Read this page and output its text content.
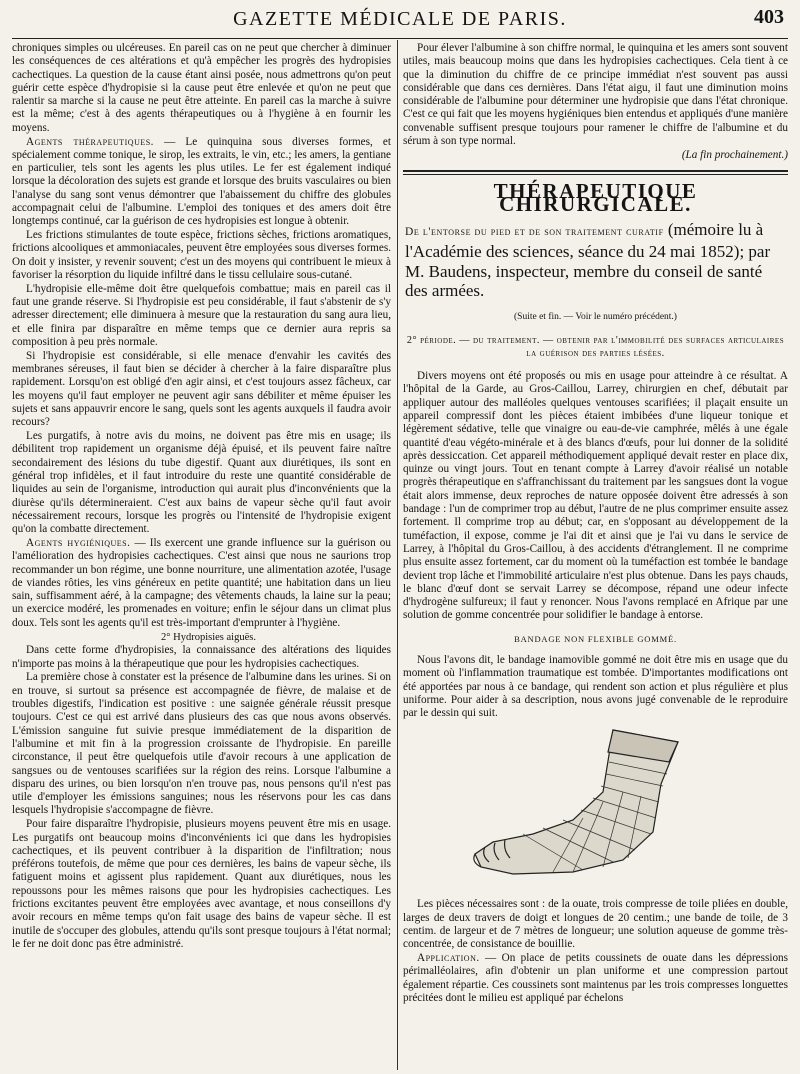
GAZETTE MÉDICALE DE PARIS.	403

chroniques simples ou ulcéreuses. En pareil cas on ne peut que chercher à diminuer les conséquences de ces altérations et qu'à empêcher les progrès des hydropisies cachectiques. La question de la cause étant ainsi posée, nous admettrons qu'on peut guérir cette espèce d'hydropisie si la cause peut être enlevée et qu'on ne peut que ralentir sa marche si la cause ne peut être atteinte. En pareil cas la marche à suivre est la même; c'est à des agents thérapeutiques ou à l'hygiène à en fournir les moyens.

Agents thérapeutiques. — Le quinquina sous diverses formes, et spécialement comme tonique, le sirop, les extraits, le vin, etc.; les amers, la gentiane en particulier, tels sont les agents les plus utiles. Le fer est également indiqué lorsque la décoloration des sujets est grande et lorsque des bruits vasculaires ou bien l'analyse du sang sont venus démontrer que l'abaissement du chiffre des globules accompagnait celui de l'albumine. L'emploi des toniques et des amers doit être longtemps continué, car la guérison de ces hydropisies est longue à obtenir.

Les frictions stimulantes de toute espèce, frictions sèches, frictions aromatiques, frictions alcooliques et ammoniacales, peuvent être employées sous diverses formes. On doit y insister, y revenir souvent; c'est un des moyens qui contribuent le mieux à favoriser la résorption du liquide infiltré dans le tissu cellulaire sous-cutané.

L'hydropisie elle-même doit être quelquefois combattue; mais en pareil cas il faut une grande réserve. Si l'hydropisie est peu considérable, il faut s'abstenir de s'y adresser directement; elle diminuera à mesure que la restauration du sang aura lieu, et elle finira par disparaître en même temps que ce dernier aura repris sa composition à peu près normale.

Si l'hydropisie est considérable, si elle menace d'envahir les cavités des membranes séreuses, il faut bien se décider à chercher à la faire disparaître plus rapidement. Lorsqu'on est obligé d'en agir ainsi, et c'est toujours assez fâcheux, car les moyens qu'il faut employer ne peuvent agir sans débiliter et même épuiser les sujets et sans appauvrir encore le sang, quels sont les agents auxquels il faudra avoir recours?

Les purgatifs, à notre avis du moins, ne doivent pas être mis en usage; ils débilitent trop rapidement un organisme déjà épuisé, et ils peuvent faire naître secondairement des lésions du tube digestif. Quant aux diurétiques, ils sont en général trop infidèles, et il faut introduire du reste une quantité considérable de liquides au sein de l'organisme, introduction qui aurait plus d'inconvénients que la diurèse qu'ils détermineraient. C'est aux bains de vapeur sèche qu'il faut avoir nécessairement recours, lorsque les progrès ou l'intensité de l'hydropisie exigent qu'on la combatte directement.

Agents hygiéniques. — Ils exercent une grande influence sur la guérison ou l'amélioration des hydropisies cachectiques. C'est ainsi que nous ne saurions trop recommander un bon régime, une bonne nourriture, une alimentation azotée, l'usage de viandes rôties, les vins généreux en petite quantité; une habitation dans un lieu sain, suffisamment aéré, à la campagne; des vêtements chauds, la laine sur la peau; un exercice modéré, les promenades en voiture; enfin le séjour dans un climat plus doux. Tels sont les agents qu'il est très-important d'emprunter à l'hygiène.

2° Hydropisies aiguës.

Dans cette forme d'hydropisies, la connaissance des altérations des liquides n'importe pas moins à la thérapeutique que pour les hydropisies cachectiques.

La première chose à constater est la présence de l'albumine dans les urines. Si on en trouve, si surtout sa présence est accompagnée de fièvre, de malaise et de troubles digestifs, l'indication est positive : une saignée générale réussit presque toujours. C'est ce qui est arrivé dans plusieurs des cas que nous avons observés. L'émission sanguine fut suivie presque immédiatement de la disparition de l'albumine et mit fin à la progression croissante de l'hydropisie. En pareille circonstance, il peut être quelquefois utile d'avoir recours à une application de sangsues ou de ventouses scarifiées sur la région des reins. Lorsque l'albumine a disparu des urines, ou bien lorsqu'on n'en trouve pas, nous pensons qu'il n'est pas utile d'employer les émissions sanguines; nous les réservons pour les cas dans lesquels l'hydropisie s'accompagne de fièvre.

Pour faire disparaître l'hydropisie, plusieurs moyens peuvent être mis en usage. Les purgatifs ont beaucoup moins d'inconvénients ici que dans les hydropisies cachectiques, et ils peuvent contribuer à la disparition de l'infiltration; nous préférons toutefois, de même que pour ces dernières, les bains de vapeur sèche, ils fatiguent moins et agissent plus rapidement. Quant aux diurétiques, nous les repoussons pour les mêmes raisons que pour les hydropisies cachectiques. Les frictions excitantes peuvent être employées avec avantage, et nous conseillons d'y avoir recours en même temps qu'on fait usage des bains de vapeur sèche. Il est inutile de s'occuper des globules, attendu qu'ils sont presque toujours à l'état normal; le fer ne doit donc pas être administré.

Pour élever l'albumine à son chiffre normal, le quinquina et les amers sont souvent utiles, mais beaucoup moins que dans les hydropisies cachectiques. Cela tient à ce que la diminution du chiffre de ce principe immédiat n'est souvent pas aussi considérable que dans ces dernières. Dans l'état aigu, il faut une diminution moins considérable de l'albumine pour déterminer une hydropisie que dans l'état chronique. C'est ce qui fait que les moyens hygiéniques bien entendus et appliqués d'une manière convenable suffisent presque toujours pour ramener le chiffre de l'albumine et du sérum à son type normal.

(La fin prochainement.)

THÉRAPEUTIQUE CHIRURGICALE.
De l'entorse du pied et de son traitement curatif (mémoire lu à l'Académie des sciences, séance du 24 mai 1852); par M. Baudens, inspecteur, membre du conseil de santé des armées.
(Suite et fin. — Voir le numéro précédent.)
2° période. — du traitement. — obtenir par l'immobilité des surfaces articulaires la guérison des parties lésées.

Divers moyens ont été proposés ou mis en usage pour atteindre à ce résultat. A l'hôpital de la Garde, au Gros-Caillou, Larrey, chirurgien en chef, débutait par appliquer autour des malléoles quelques ventouses scarifiées; il plaçait ensuite un appareil compressif dont les pièces étaient imbibées d'une liqueur tonique et légèrement sédative, telle que vinaigre ou eau-de-vie camphrée, mêlés à une égale quantité d'eau végéto-minérale et à des blancs d'œufs, pour lui donner de la solidité après dessiccation. Cet appareil méthodiquement appliqué devait rester en place dix, quinze ou vingt jours. Tout en tenant compte à Larrey d'avoir réalisé un notable progrès thérapeutique en s'affranchissant du traitement par les sangsues dont la vogue était alors immense, deux reproches de nature opposée doivent être adressés à son bandage : l'un de comprimer trop au début, l'autre de ne plus comprimer ensuite assez fortement. Il comprime trop au début; car, en s'opposant au développement de la tuméfaction, il expose, comme je l'ai dit et ainsi que je l'ai vu dans le service de Larrey, à l'hôpital du Gros-Caillou, à des accidents d'étranglement. Il ne comprime plus ensuite assez fortement, car du moment où la tuméfaction est tombée le bandage devient trop lâche et l'immobilité articulaire n'est plus obtenue. Dans les pays chauds, le blanc d'œuf dont se servait Larrey se décompose, répand une odeur infecte d'hydrogène sulfureux; il faut y renoncer. Nous l'avons remplacé en Afrique par une solution de gomme concentrée pour solidifier le bandage à entorse.

BANDAGE NON FLEXIBLE GOMMÉ.

Nous l'avons dit, le bandage inamovible gommé ne doit être mis en usage que du moment où l'inflammation traumatique est tombée. D'importantes modifications ont été apportées par nous à ce bandage, qui rendent son action et plus régulière et plus uniforme. Pour aider à sa description, nous avons jugé convenable de le reproduire par le dessin qui suit.

Les pièces nécessaires sont : de la ouate, trois compresse de toile pliées en double, larges de deux travers de doigt et longues de 20 centim.; une bande de toile, de 3 centim. de largeur et de 7 mètres de longueur; une solution aqueuse de gomme très-concentrée, de consistance de bouillie.

Application. — On place de petits coussinets de ouate dans les dépressions périmalléolaires, afin d'obtenir un plan uniforme et une compression partout également répartie. Ces coussinets sont maintenus par les trois compresses longuettes précitées dont le milieu est appliqué par échelons
